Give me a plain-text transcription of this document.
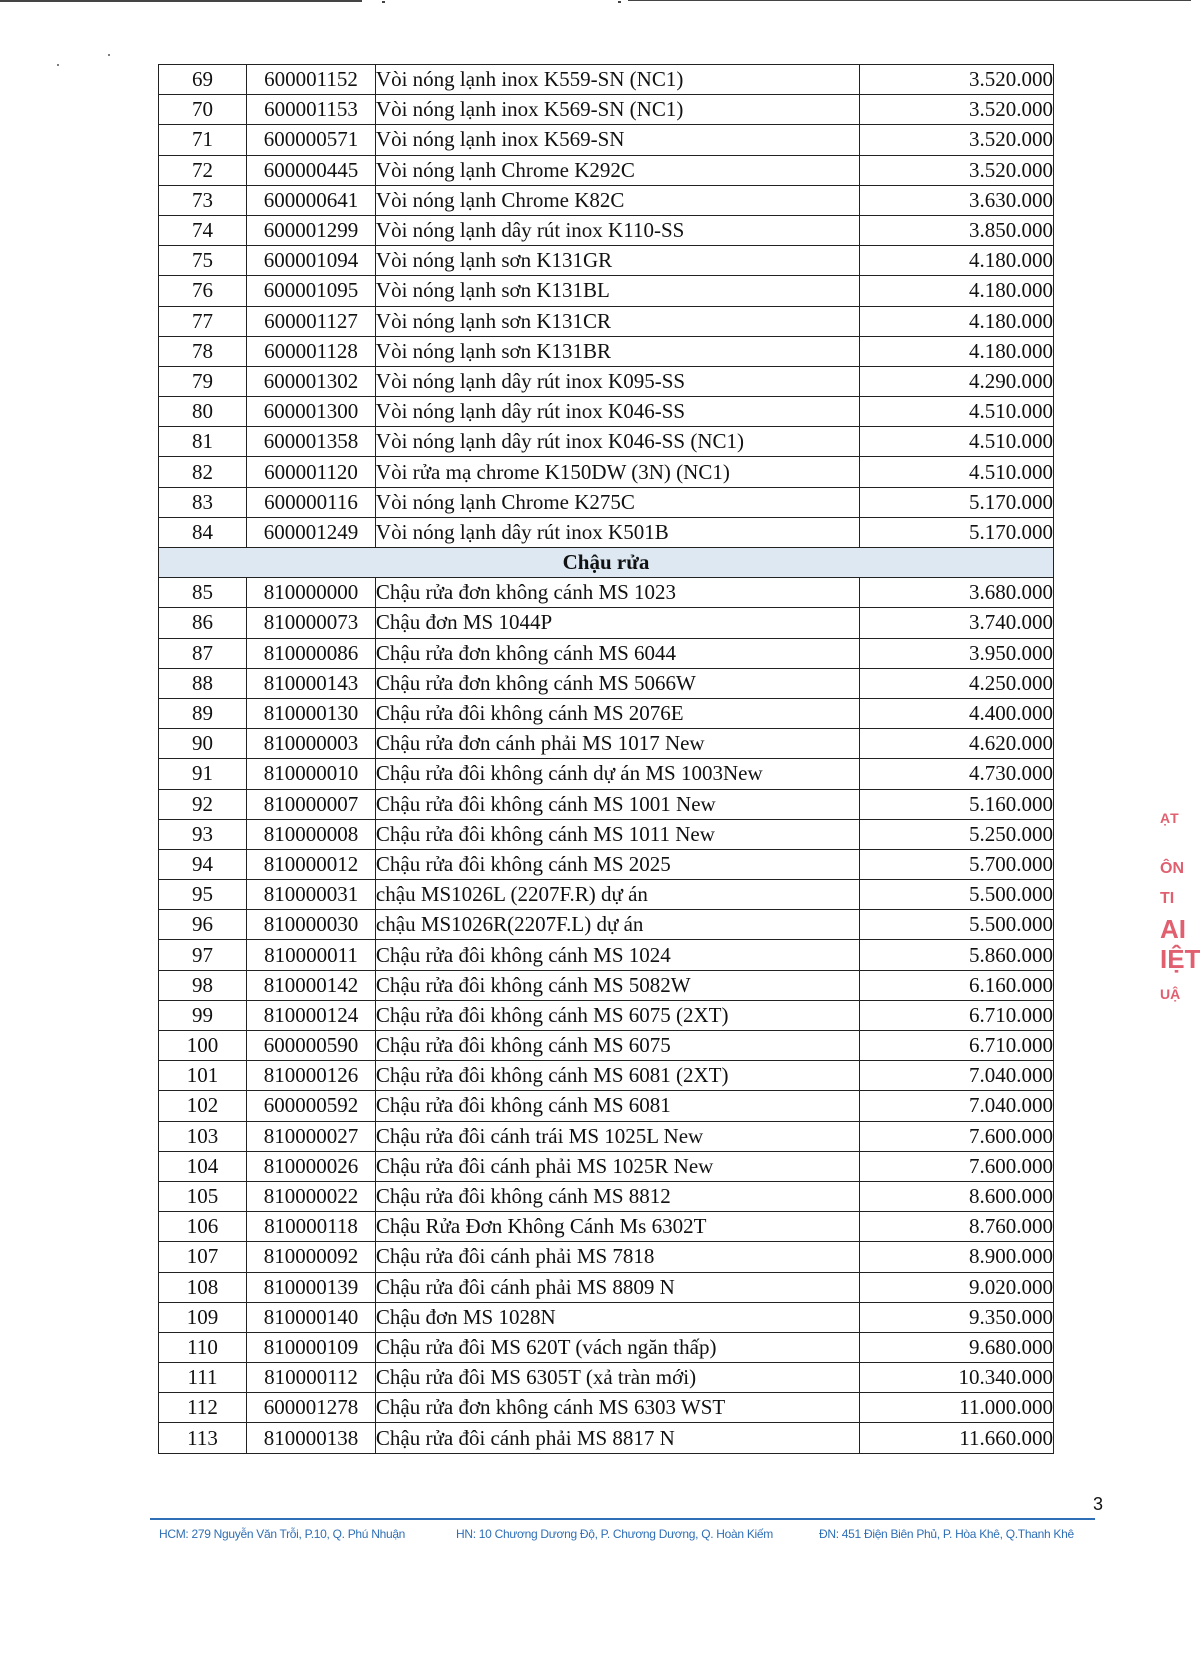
69	600001152	Vòi nóng lạnh inox K559-SN (NC1)	3.520.000
70	600001153	Vòi nóng lạnh inox K569-SN (NC1)	3.520.000
71	600000571	Vòi nóng lạnh inox K569-SN	3.520.000
72	600000445	Vòi nóng lạnh Chrome K292C	3.520.000
73	600000641	Vòi nóng lạnh Chrome K82C	3.630.000
74	600001299	Vòi nóng lạnh dây rút inox K110-SS	3.850.000
75	600001094	Vòi nóng lạnh sơn K131GR	4.180.000
76	600001095	Vòi nóng lạnh sơn K131BL	4.180.000
77	600001127	Vòi nóng lạnh sơn K131CR	4.180.000
78	600001128	Vòi nóng lạnh sơn K131BR	4.180.000
79	600001302	Vòi nóng lạnh dây rút inox K095-SS	4.290.000
80	600001300	Vòi nóng lạnh dây rút inox K046-SS	4.510.000
81	600001358	Vòi nóng lạnh dây rút inox K046-SS (NC1)	4.510.000
82	600001120	Vòi rửa mạ chrome K150DW (3N) (NC1)	4.510.000
83	600000116	Vòi nóng lạnh Chrome K275C	5.170.000
84	600001249	Vòi nóng lạnh dây rút inox K501B	5.170.000
Chậu rửa			
85	810000000	Chậu rửa đơn không cánh MS 1023	3.680.000
86	810000073	Chậu đơn MS 1044P	3.740.000
87	810000086	Chậu rửa đơn không cánh MS 6044	3.950.000
88	810000143	Chậu rửa đơn không cánh MS 5066W	4.250.000
89	810000130	Chậu rửa đôi không cánh MS 2076E	4.400.000
90	810000003	Chậu rửa đơn cánh phải MS 1017 New	4.620.000
91	810000010	Chậu rửa đôi không cánh dự án MS 1003New	4.730.000
92	810000007	Chậu rửa đôi không cánh MS 1001 New	5.160.000
93	810000008	Chậu rửa đôi không cánh MS 1011 New	5.250.000
94	810000012	Chậu rửa đôi không cánh MS 2025	5.700.000
95	810000031	chậu MS1026L (2207F.R) dự án	5.500.000
96	810000030	chậu MS1026R(2207F.L) dự án	5.500.000
97	810000011	Chậu rửa đôi không cánh MS 1024	5.860.000
98	810000142	Chậu rửa đôi không cánh MS 5082W	6.160.000
99	810000124	Chậu rửa đôi không cánh MS 6075 (2XT)	6.710.000
100	600000590	Chậu rửa đôi không cánh MS 6075	6.710.000
101	810000126	Chậu rửa đôi không cánh MS 6081 (2XT)	7.040.000
102	600000592	Chậu rửa đôi không cánh MS 6081	7.040.000
103	810000027	Chậu rửa đôi cánh trái MS 1025L New	7.600.000
104	810000026	Chậu rửa đôi cánh phải MS 1025R New	7.600.000
105	810000022	Chậu rửa đôi không cánh MS 8812	8.600.000
106	810000118	Chậu Rửa Đơn Không Cánh Ms 6302T	8.760.000
107	810000092	Chậu rửa đôi cánh phải MS 7818	8.900.000
108	810000139	Chậu rửa đôi cánh phải MS 8809 N	9.020.000
109	810000140	Chậu đơn MS 1028N	9.350.000
110	810000109	Chậu rửa đôi MS 620T (vách ngăn thấp)	9.680.000
111	810000112	Chậu rửa đôi MS 6305T (xả tràn mới)	10.340.000
112	600001278	Chậu rửa đơn không cánh MS 6303 WST	11.000.000
113	810000138	Chậu rửa đôi cánh phải MS 8817 N	11.660.000
3
HCM: 279 Nguyễn Văn Trỗi, P.10, Q. Phú Nhuận	HN: 10 Chương Dương Độ, P. Chương Dương, Q. Hoàn Kiếm	ĐN: 451 Điện Biên Phủ, P. Hòa Khê, Q.Thanh Khê
ẠT
ÔN
TI
AI
IỆT
UẬ
